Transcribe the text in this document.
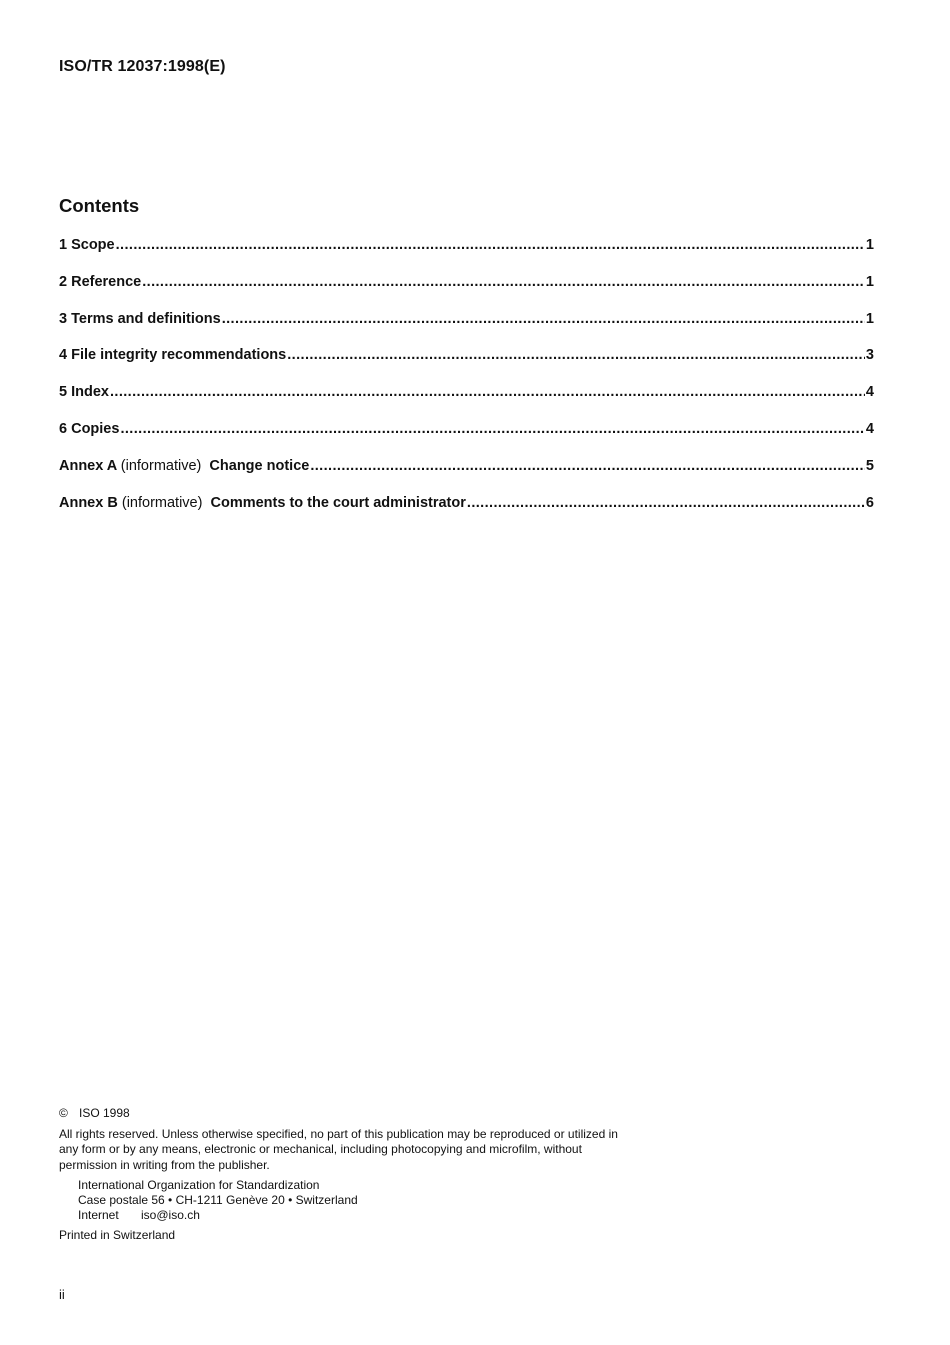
ISO/TR 12037:1998(E)
Contents
1 Scope .....	1
2 Reference .....	1
3 Terms and definitions .....	1
4 File integrity recommendations .....	3
5 Index .....	4
6 Copies .....	4
Annex A (informative) Change notice .....	5
Annex B (informative) Comments to the court administrator .....	6
© ISO 1998
All rights reserved. Unless otherwise specified, no part of this publication may be reproduced or utilized in any form or by any means, electronic or mechanical, including photocopying and microfilm, without permission in writing from the publisher.
International Organization for Standardization
Case postale 56 • CH-1211 Genève 20 • Switzerland
Internet iso@iso.ch
Printed in Switzerland
ii
